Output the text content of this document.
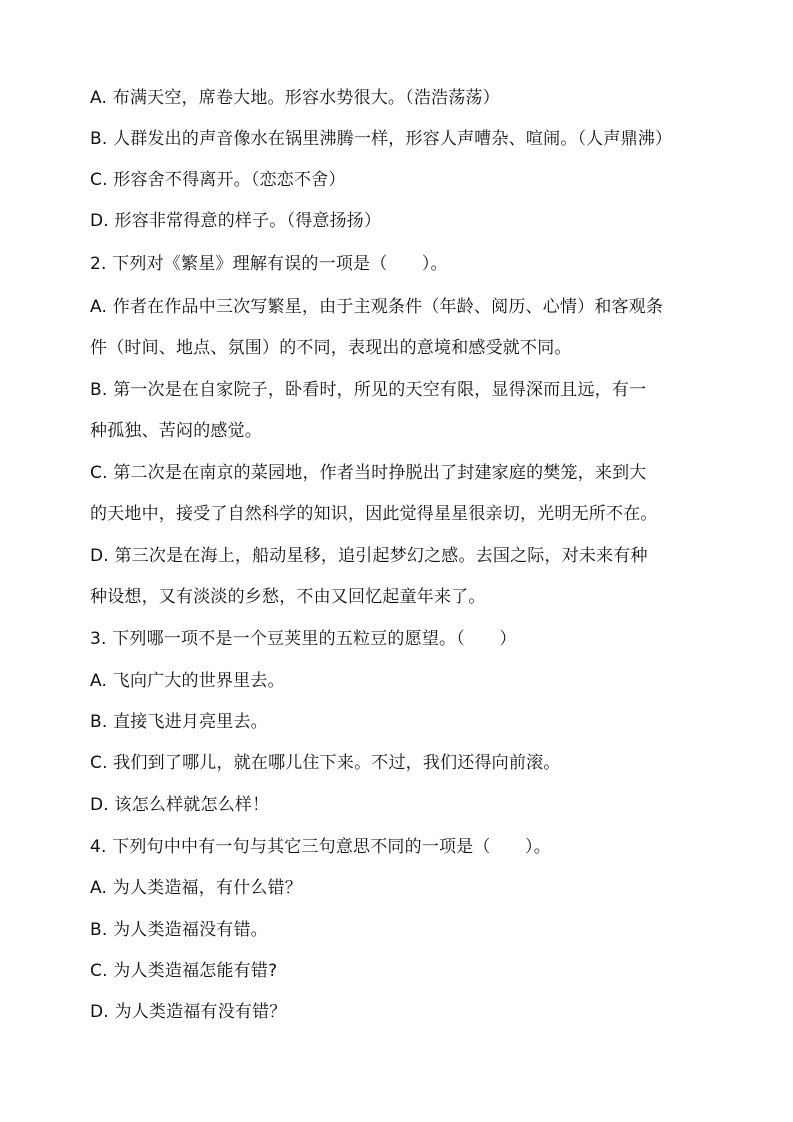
A. 布满天空，席卷大地。形容水势很大。（浩浩荡荡）
B. 人群发出的声音像水在锅里沸腾一样，形容人声嘈杂、喧闹。（人声鼎沸）
C. 形容舍不得离开。（恋恋不舍）
D. 形容非常得意的样子。（得意扬扬）
2. 下列对《繁星》理解有误的一项是（　　）。
A. 作者在作品中三次写繁星，由于主观条件（年龄、阅历、心情）和客观条
件（时间、地点、氛围）的不同，表现出的意境和感受就不同。
B. 第一次是在自家院子，卧看时，所见的天空有限，显得深而且远，有一
种孤独、苦闷的感觉。
C. 第二次是在南京的菜园地，作者当时挣脱出了封建家庭的樊笼，来到大
的天地中，接受了自然科学的知识，因此觉得星星很亲切，光明无所不在。
D. 第三次是在海上，船动星移，追引起梦幻之感。去国之际，对未来有种
种设想，又有淡淡的乡愁，不由又回忆起童年来了。
3. 下列哪一项不是一个豆荚里的五粒豆的愿望。（　　）
A. 飞向广大的世界里去。
B. 直接飞进月亮里去。
C. 我们到了哪儿，就在哪儿住下来。不过，我们还得向前滚。
D. 该怎么样就怎么样！
4. 下列句中中有一句与其它三句意思不同的一项是（　　）。
A. 为人类造福，有什么错？
B. 为人类造福没有错。
C. 为人类造福怎能有错?
D. 为人类造福有没有错？
